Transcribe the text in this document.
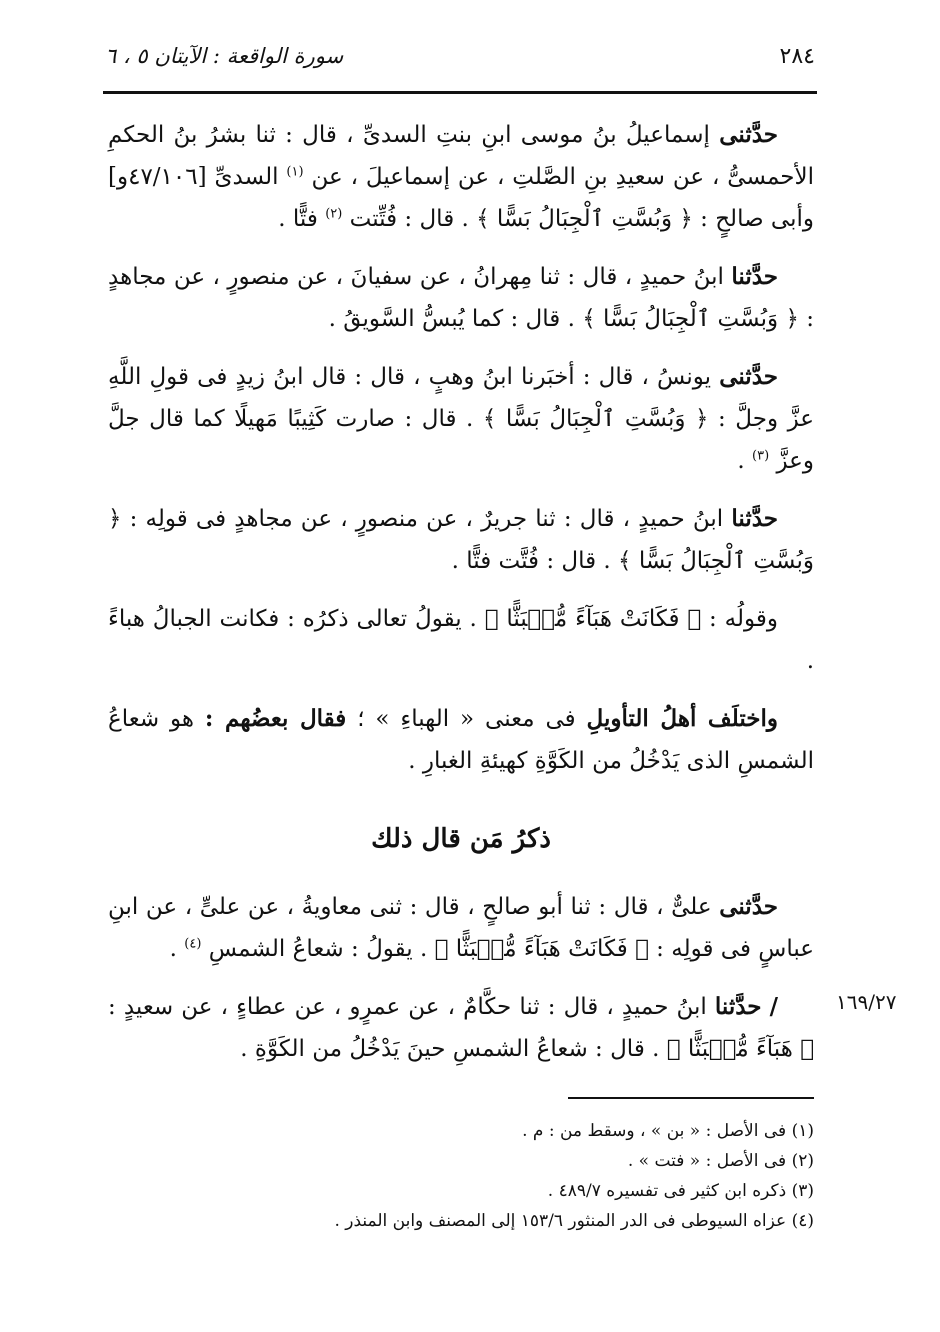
٢٨٤
سورة الواقعة : الآيتان ٥ ، ٦

حدَّثنى إسماعيلُ بنُ موسى ابنِ بنتِ السدىِّ ، قال : ثنا بشرُ بنُ الحكمِ الأحمسىُّ ، عن سعيدِ بنِ الصَّلتِ ، عن إسماعيلَ ، عن $^{(١)}$ السدىِّ [٤٧/١٠٦و] وأبى صالحٍ : ﴿ وَبُسَّتِ ٱلْجِبَالُ بَسًّا ﴾ . قال : فُتِّتت $^{(٢)}$ فتًّا .

حدَّثنا ابنُ حميدٍ ، قال : ثنا مِهرانُ ، عن سفيانَ ، عن منصورٍ ، عن مجاهدٍ : ﴿ وَبُسَّتِ ٱلْجِبَالُ بَسًّا ﴾ . قال : كما يُبسُّ السَّويقُ .

حدَّثنى يونسُ ، قال : أخبَرنا ابنُ وهبٍ ، قال : قال ابنُ زيدٍ فى قولِ اللَّهِ عزَّ وجلَّ : ﴿ وَبُسَّتِ ٱلْجِبَالُ بَسًّا ﴾ . قال : صارت كَثِيبًا مَهيلًا كما قال جلَّ وعزَّ $^{(٣)}$ .

حدَّثنا ابنُ حميدٍ ، قال : ثنا جريرٌ ، عن منصورٍ ، عن مجاهدٍ فى قولِه : ﴿ وَبُسَّتِ ٱلْجِبَالُ بَسًّا ﴾ . قال : فُتَّت فتًّا .

وقولُه : ﴿ فَكَانَتْ هَبَآءً مُّنۢبَثًّا ﴾ . يقولُ تعالى ذكرُه : فكانت الجبالُ هباءً .

واختلَف أهلُ التأويلِ فى معنى « الهباءِ » ؛ فقال بعضُهم : هو شعاعُ الشمسِ الذى يَدْخُلُ من الكَوَّةِ كهيئةِ الغبارِ .

ذكرُ مَن قال ذلك

حدَّثنى علىٌّ ، قال : ثنا أبو صالحٍ ، قال : ثنى معاويةُ ، عن علىٍّ ، عن ابنِ عباسٍ فى قولِه : ﴿ فَكَانَتْ هَبَآءً مُّنۢبَثًّا ﴾ . يقولُ : شعاعُ الشمسِ $^{(٤)}$ .

/ حدَّثنا ابنُ حميدٍ ، قال : ثنا حكَّامٌ ، عن عمرٍو ، عن عطاءٍ ، عن سعيدٍ : ﴿ هَبَآءً مُّنۢبَثًّا ﴾ . قال : شعاعُ الشمسِ حينَ يَدْخُلُ من الكَوَّةِ .

١٦٩/٢٧

(١) فى الأصل : « بن » ، وسقط من : م .

(٢) فى الأصل : « فتت » .

(٣) ذكره ابن كثير فى تفسيره ٤٨٩/٧ .

(٤) عزاه السيوطى فى الدر المنثور ١٥٣/٦ إلى المصنف وابن المنذر .
